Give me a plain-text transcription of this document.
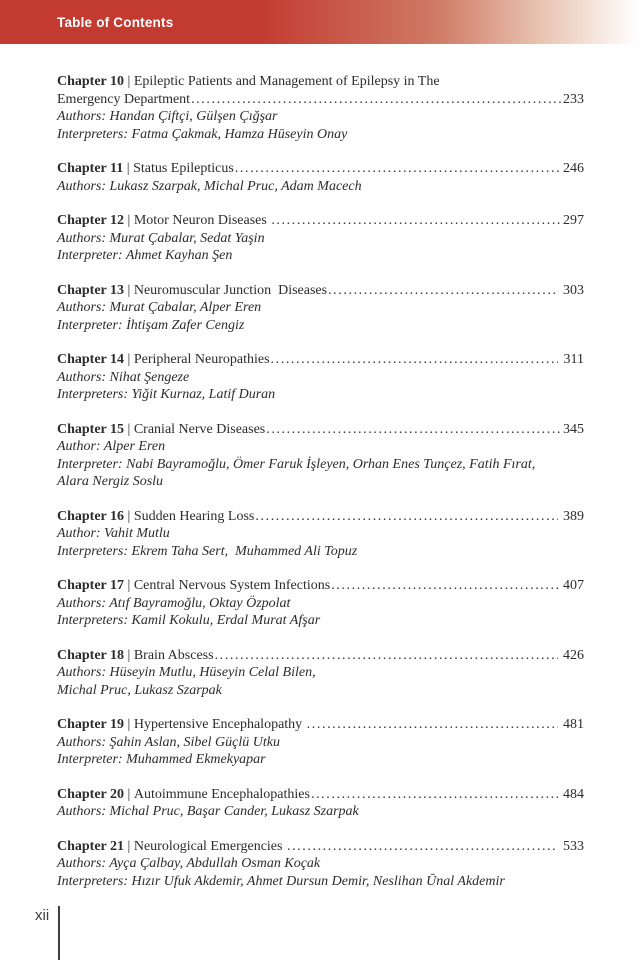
Table of Contents
Chapter 10 | Epileptic Patients and Management of Epilepsy in The
Emergency Department .....	233
Authors: Handan Çiftçi, Gülşen Çığşar
Interpreters: Fatma Çakmak, Hamza Hūseyin Onay
Chapter 11 | Status Epilepticus .....	246
Authors: Lukasz Szarpak, Michal Pruc, Adam Macech
Chapter 12 | Motor Neuron Diseases .....	297
Authors: Murat Çabalar, Sedat Yaşin
Interpreter: Ahmet Kayhan Şen
Chapter 13 | Neuromuscular Junction  Diseases .....	303
Authors: Murat Çabalar, Alper Eren
Interpreter: İhtişam Zafer Cengiz
Chapter 14 | Peripheral Neuropathies .....	311
Authors: Nihat Şengeze
Interpreters: Yiğit Kurnaz, Latif Duran
Chapter 15 | Cranial Nerve Diseases .....	345
Author: Alper Eren
Interpreter: Nabi Bayramoğlu, Ömer Faruk İşleyen, Orhan Enes Tunçez, Fatih Fırat,
Alara Nergiz Soslu
Chapter 16 | Sudden Hearing Loss .....	389
Author: Vahit Mutlu
Interpreters: Ekrem Taha Sert,  Muhammed Ali Topuz
Chapter 17 | Central Nervous System Infections .....	407
Authors: Atıf Bayramoğlu, Oktay Özpolat
Interpreters: Kamil Kokulu, Erdal Murat Afşar
Chapter 18 | Brain Abscess .....	426
Authors: Hüseyin Mutlu, Hüseyin Celal Bilen,
Michal Pruc, Lukasz Szarpak
Chapter 19 | Hypertensive Encephalopathy .....	481
Authors: Şahin Aslan, Sibel Güçlü Utku
Interpreter: Muhammed Ekmekyapar
Chapter 20 | Autoimmune Encephalopathies .....	484
Authors: Michal Pruc, Başar Cander, Lukasz Szarpak
Chapter 21 | Neurological Emergencies .....	533
Authors: Ayça Çalbay, Abdullah Osman Koçak
Interpreters: Hızır Ufuk Akdemir, Ahmet Dursun Demir, Neslihan Ūnal Akdemir
xii
